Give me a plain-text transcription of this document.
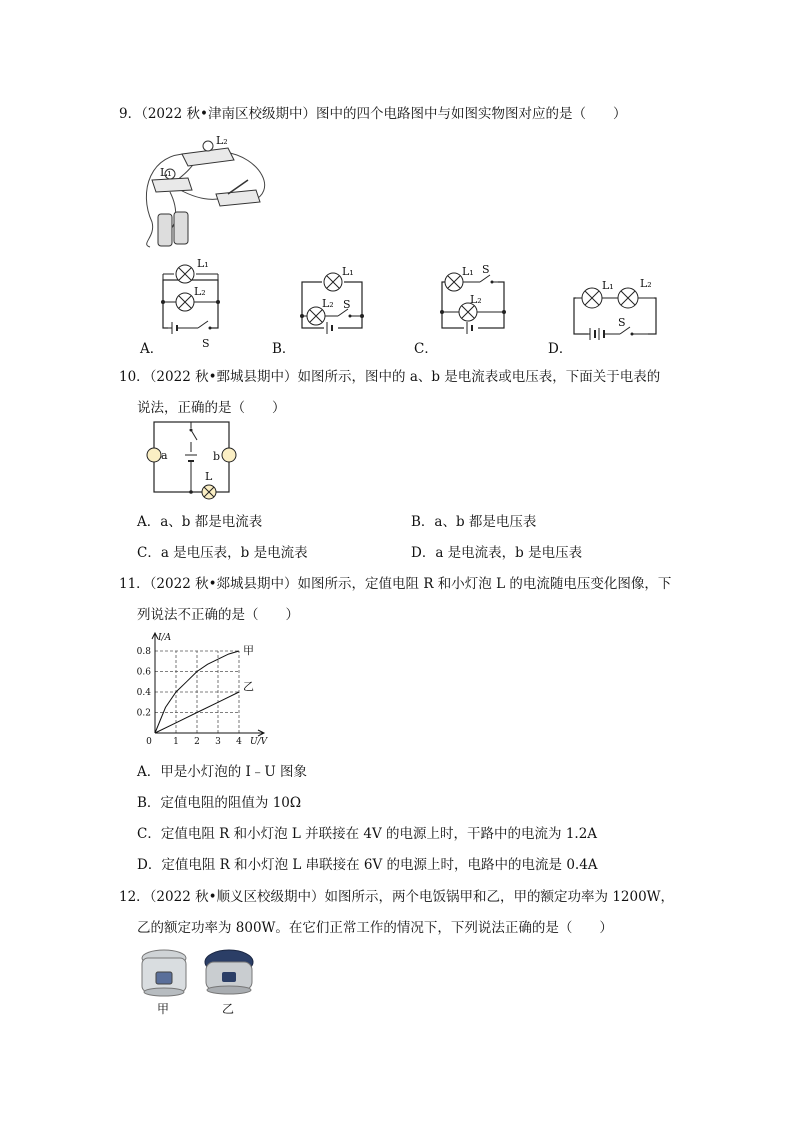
9．（2022 秋•津南区校级期中）图中的四个电路图中与如图实物图对应的是（　　）
L₂
L₁
L₁
L₂
S
A．
L₁
L₂ S
B．
L₁ S
L₂
C．
L₁ L₂
S
D．
10．（2022 秋•鄄城县期中）如图所示，图中的 a、b 是电流表或电压表，下面关于电表的
说法，正确的是（　　）
a	b
L
A．a、b 都是电流表	B．a、b 都是电压表
C．a 是电压表，b 是电流表	D．a 是电流表，b 是电压表
11．（2022 秋•郯城县期中）如图所示，定值电阻 R 和小灯泡 L 的电流随电压变化图像，下
列说法不正确的是（　　）
0.2
0.4
0.6
0.8
0 1 2 3 4
I/A
U/V
甲
乙
A．甲是小灯泡的 I﹣U 图象
B．定值电阻的阻值为 10Ω
C．定值电阻 R 和小灯泡 L 并联接在 4V 的电源上时，干路中的电流为 1.2A
D．定值电阻 R 和小灯泡 L 串联接在 6V 的电源上时，电路中的电流是 0.4A
12．（2022 秋•顺义区校级期中）如图所示，两个电饭锅甲和乙，甲的额定功率为 1200W，
乙的额定功率为 800W。在它们正常工作的情况下，下列说法正确的是（　　）
甲	乙
